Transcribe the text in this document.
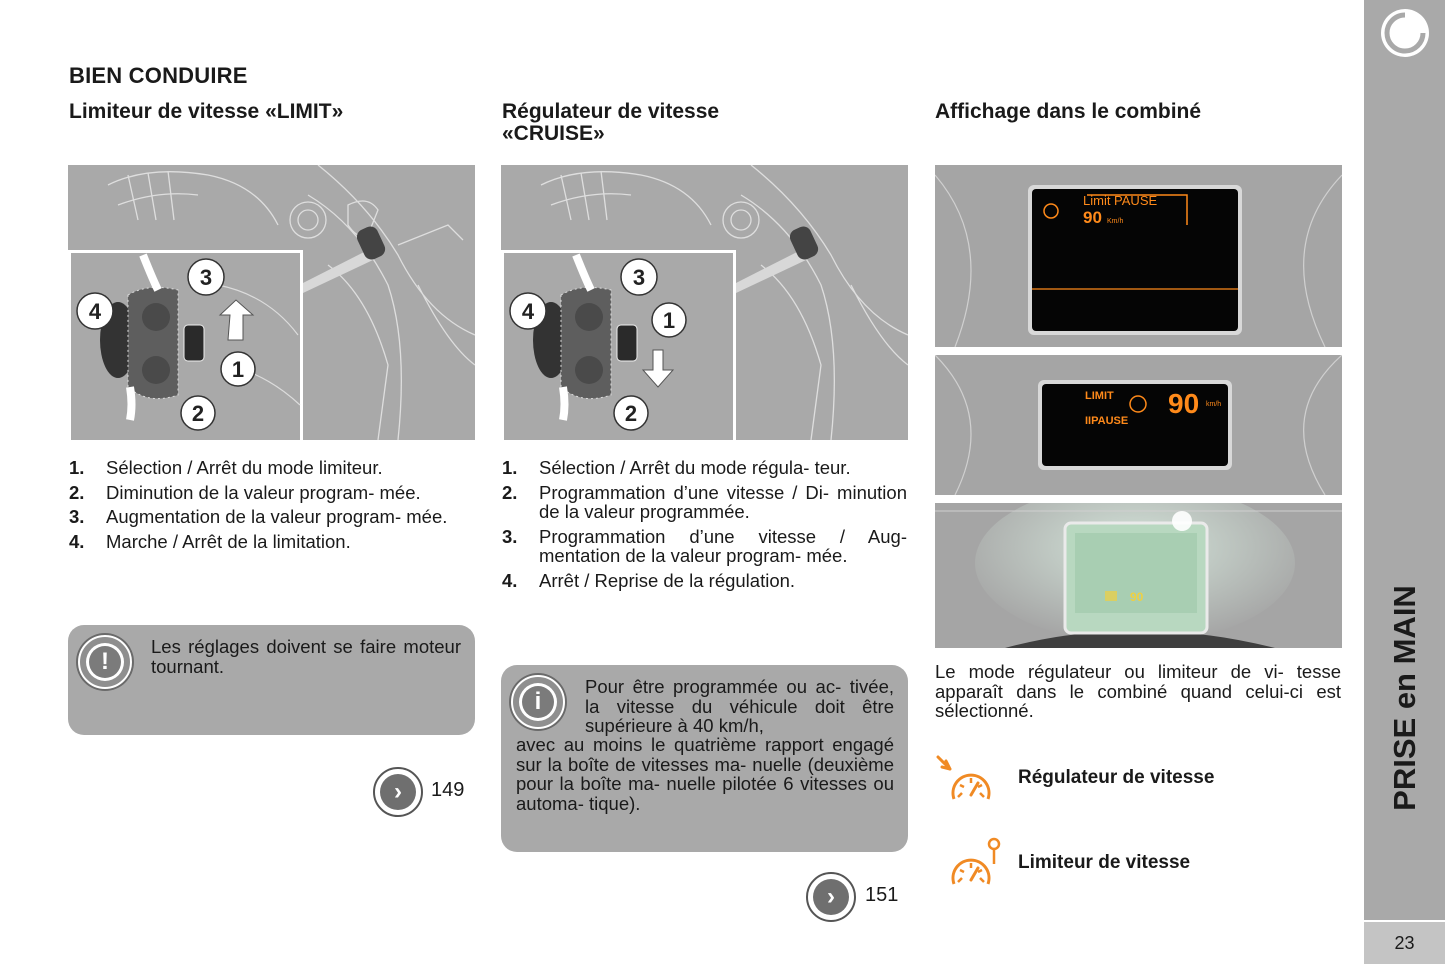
PRISE en MAIN
23
BIEN CONDUIRE
Limiteur de vitesse «LIMIT»
3
1
2
4
1. Sélection / Arrêt du mode limiteur.
2. Diminution de la valeur program- mée.
3. Augmentation de la valeur program- mée.
4. Marche / Arrêt de la limitation.
!
Les réglages doivent se faire moteur tournant.
›	149
Régulateur de vitesse
«CRUISE»
3
1
2
4
1. Sélection / Arrêt du mode régula- teur.
2. Programmation d’une vitesse / Di- minution de la valeur programmée.
3. Programmation d’une vitesse / Aug- mentation de la valeur program- mée.
4. Arrêt / Reprise de la régulation.
i
Pour être programmée ou ac- tivée, la vitesse du véhicule doit être supérieure à 40 km/h,
avec au moins le quatrième rapport engagé sur la boîte de vitesses ma- nuelle (deuxième pour la boîte ma- nuelle pilotée 6 vitesses ou automa- tique).
›	151
Affichage dans le combiné
Limit PAUSE
90 Km/h
LIMIT
IIPAUSE
90 km/h
90
Le mode régulateur ou limiteur de vi- tesse apparaît dans le combiné quand celui-ci est sélectionné.
Régulateur de vitesse
Limiteur de vitesse
